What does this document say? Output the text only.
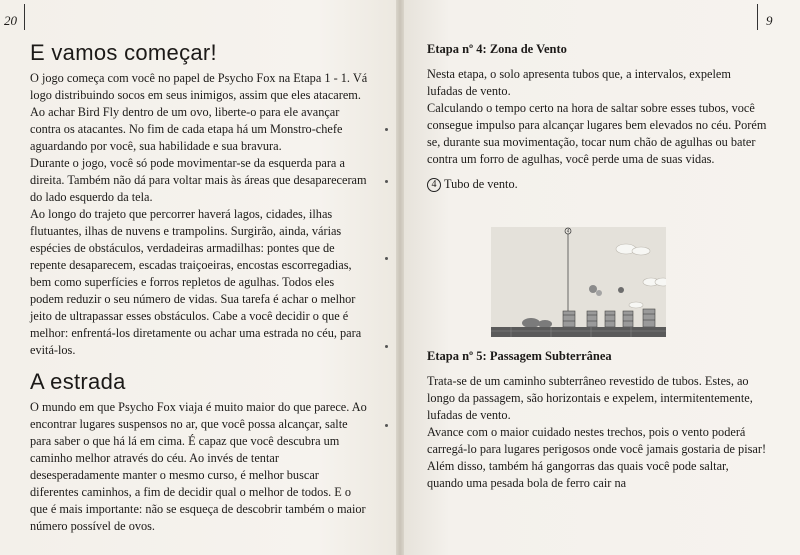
20	9
E vamos começar!

O jogo começa com você no papel de Psycho Fox na Etapa 1 - 1. Vá logo distribuindo socos em seus inimigos, assim que eles atacarem. Ao achar Bird Fly dentro de um ovo, liberte-o para ele avançar contra os atacantes. No fim de cada etapa há um Monstro-chefe aguardando por você, sua habilidade e sua bravura.

Durante o jogo, você só pode movimentar-se da esquerda para a direita. Também não dá para voltar mais às áreas que desapareceram do lado esquerdo da tela.

Ao longo do trajeto que percorrer haverá lagos, cidades, ilhas flutuantes, ilhas de nuvens e trampolins. Surgirão, ainda, várias espécies de obstáculos, verdadeiras armadilhas: pontes que de repente desaparecem, escadas traiçoeiras, encostas escorregadias, bem como superfícies e forros repletos de agulhas. Todos eles podem reduzir o seu número de vidas. Sua tarefa é achar o melhor jeito de ultrapassar esses obstáculos. Cabe a você decidir o que é melhor: enfrentá-los diretamente ou achar uma estrada no céu, para evitá-los.

A estrada

O mundo em que Psycho Fox viaja é muito maior do que parece. Ao encontrar lugares suspensos no ar, que você possa alcançar, salte para saber o que há lá em cima. É capaz que você descubra um caminho melhor através do céu. Ao invés de tentar desesperadamente manter o mesmo curso, é melhor buscar diferentes caminhos, a fim de decidir qual o melhor de todos. E o que é mais importante: não se esqueça de descobrir também o maior número possível de ovos.

Etapa nº 4: Zona de Vento

Nesta etapa, o solo apresenta tubos que, a intervalos, expelem lufadas de vento.

Calculando o tempo certo na hora de saltar sobre esses tubos, você consegue impulso para alcançar lugares bem elevados no céu. Porém se, durante sua movimentação, tocar num chão de agulhas ou bater contra um forro de agulhas, você perde uma de suas vidas.

4 Tubo de vento.
Etapa nº 5: Passagem Subterrânea

Trata-se de um caminho subterrâneo revestido de tubos. Estes, ao longo da passagem, são horizontais e expelem, intermitentemente, lufadas de vento.

Avance com o maior cuidado nestes trechos, pois o vento poderá carregá-lo para lugares perigosos onde você jamais gostaria de pisar! Além disso, também há gangorras das quais você pode saltar, quando uma pesada bola de ferro cair na

4
